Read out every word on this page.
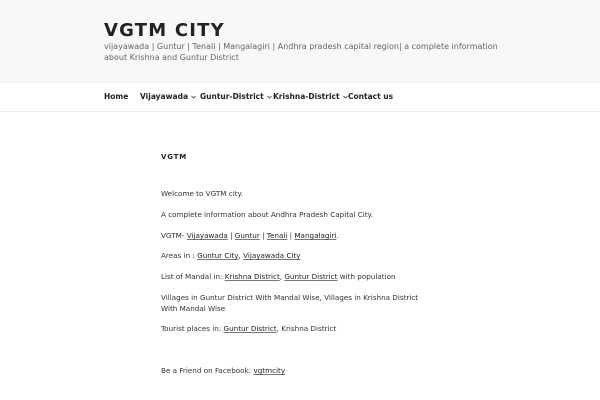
VGTM CITY

vijayawada | Guntur | Tenali | Mangalagiri | Andhra pradesh capital region| a complete information about Krishna and Guntur District

Home Vijayawada	Guntur-District	Krishna-District	Contact us
VGTM

Welcome to VGTM city.

A complete information about Andhra Pradesh Capital City.

VGTM- Vijayawada | Guntur | Tenali | Mangalagiri.

Areas in : Guntur City, Vijayawada City

List of Mandal in: Krishna District, Guntur District with population

Villages in Guntur District With Mandal Wise, Villages in Krishna District With Mandal Wise

Tourist places in: Guntur District, Krishna District

Be a Friend on Facebook: vgtmcity
